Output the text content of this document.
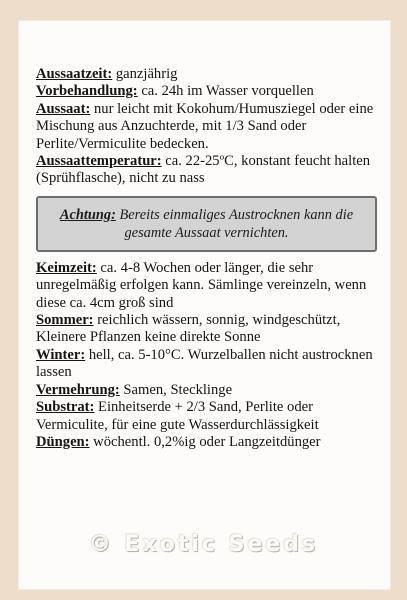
Aussaatzeit: ganzjährig

Vorbehandlung: ca. 24h im Wasser vorquellen

Aussaat: nur leicht mit Kokohum/Humusziegel oder eine Mischung aus Anzuchterde, mit 1/3 Sand oder Perlite/Vermiculite bedecken.

Aussaattemperatur: ca. 22-25ºC, konstant feucht halten (Sprühflasche), nicht zu nass

Achtung: Bereits einmaliges Austrocknen kann die gesamte Aussaat vernichten.

Keimzeit: ca. 4-8 Wochen oder länger, die sehr unregelmäßig erfolgen kann. Sämlinge vereinzeln, wenn diese ca. 4cm groß sind

Sommer: reichlich wässern, sonnig, windgeschützt, Kleinere Pflanzen keine direkte Sonne

Winter: hell, ca. 5-10°C. Wurzelballen nicht austrocknen lassen

Vermehrung: Samen, Stecklinge

Substrat: Einheitserde + 2/3 Sand, Perlite oder Vermiculite, für eine gute Wasserdurchlässigkeit

Düngen: wöchentl. 0,2%ig oder Langzeitdünger

© Exotic Seeds
